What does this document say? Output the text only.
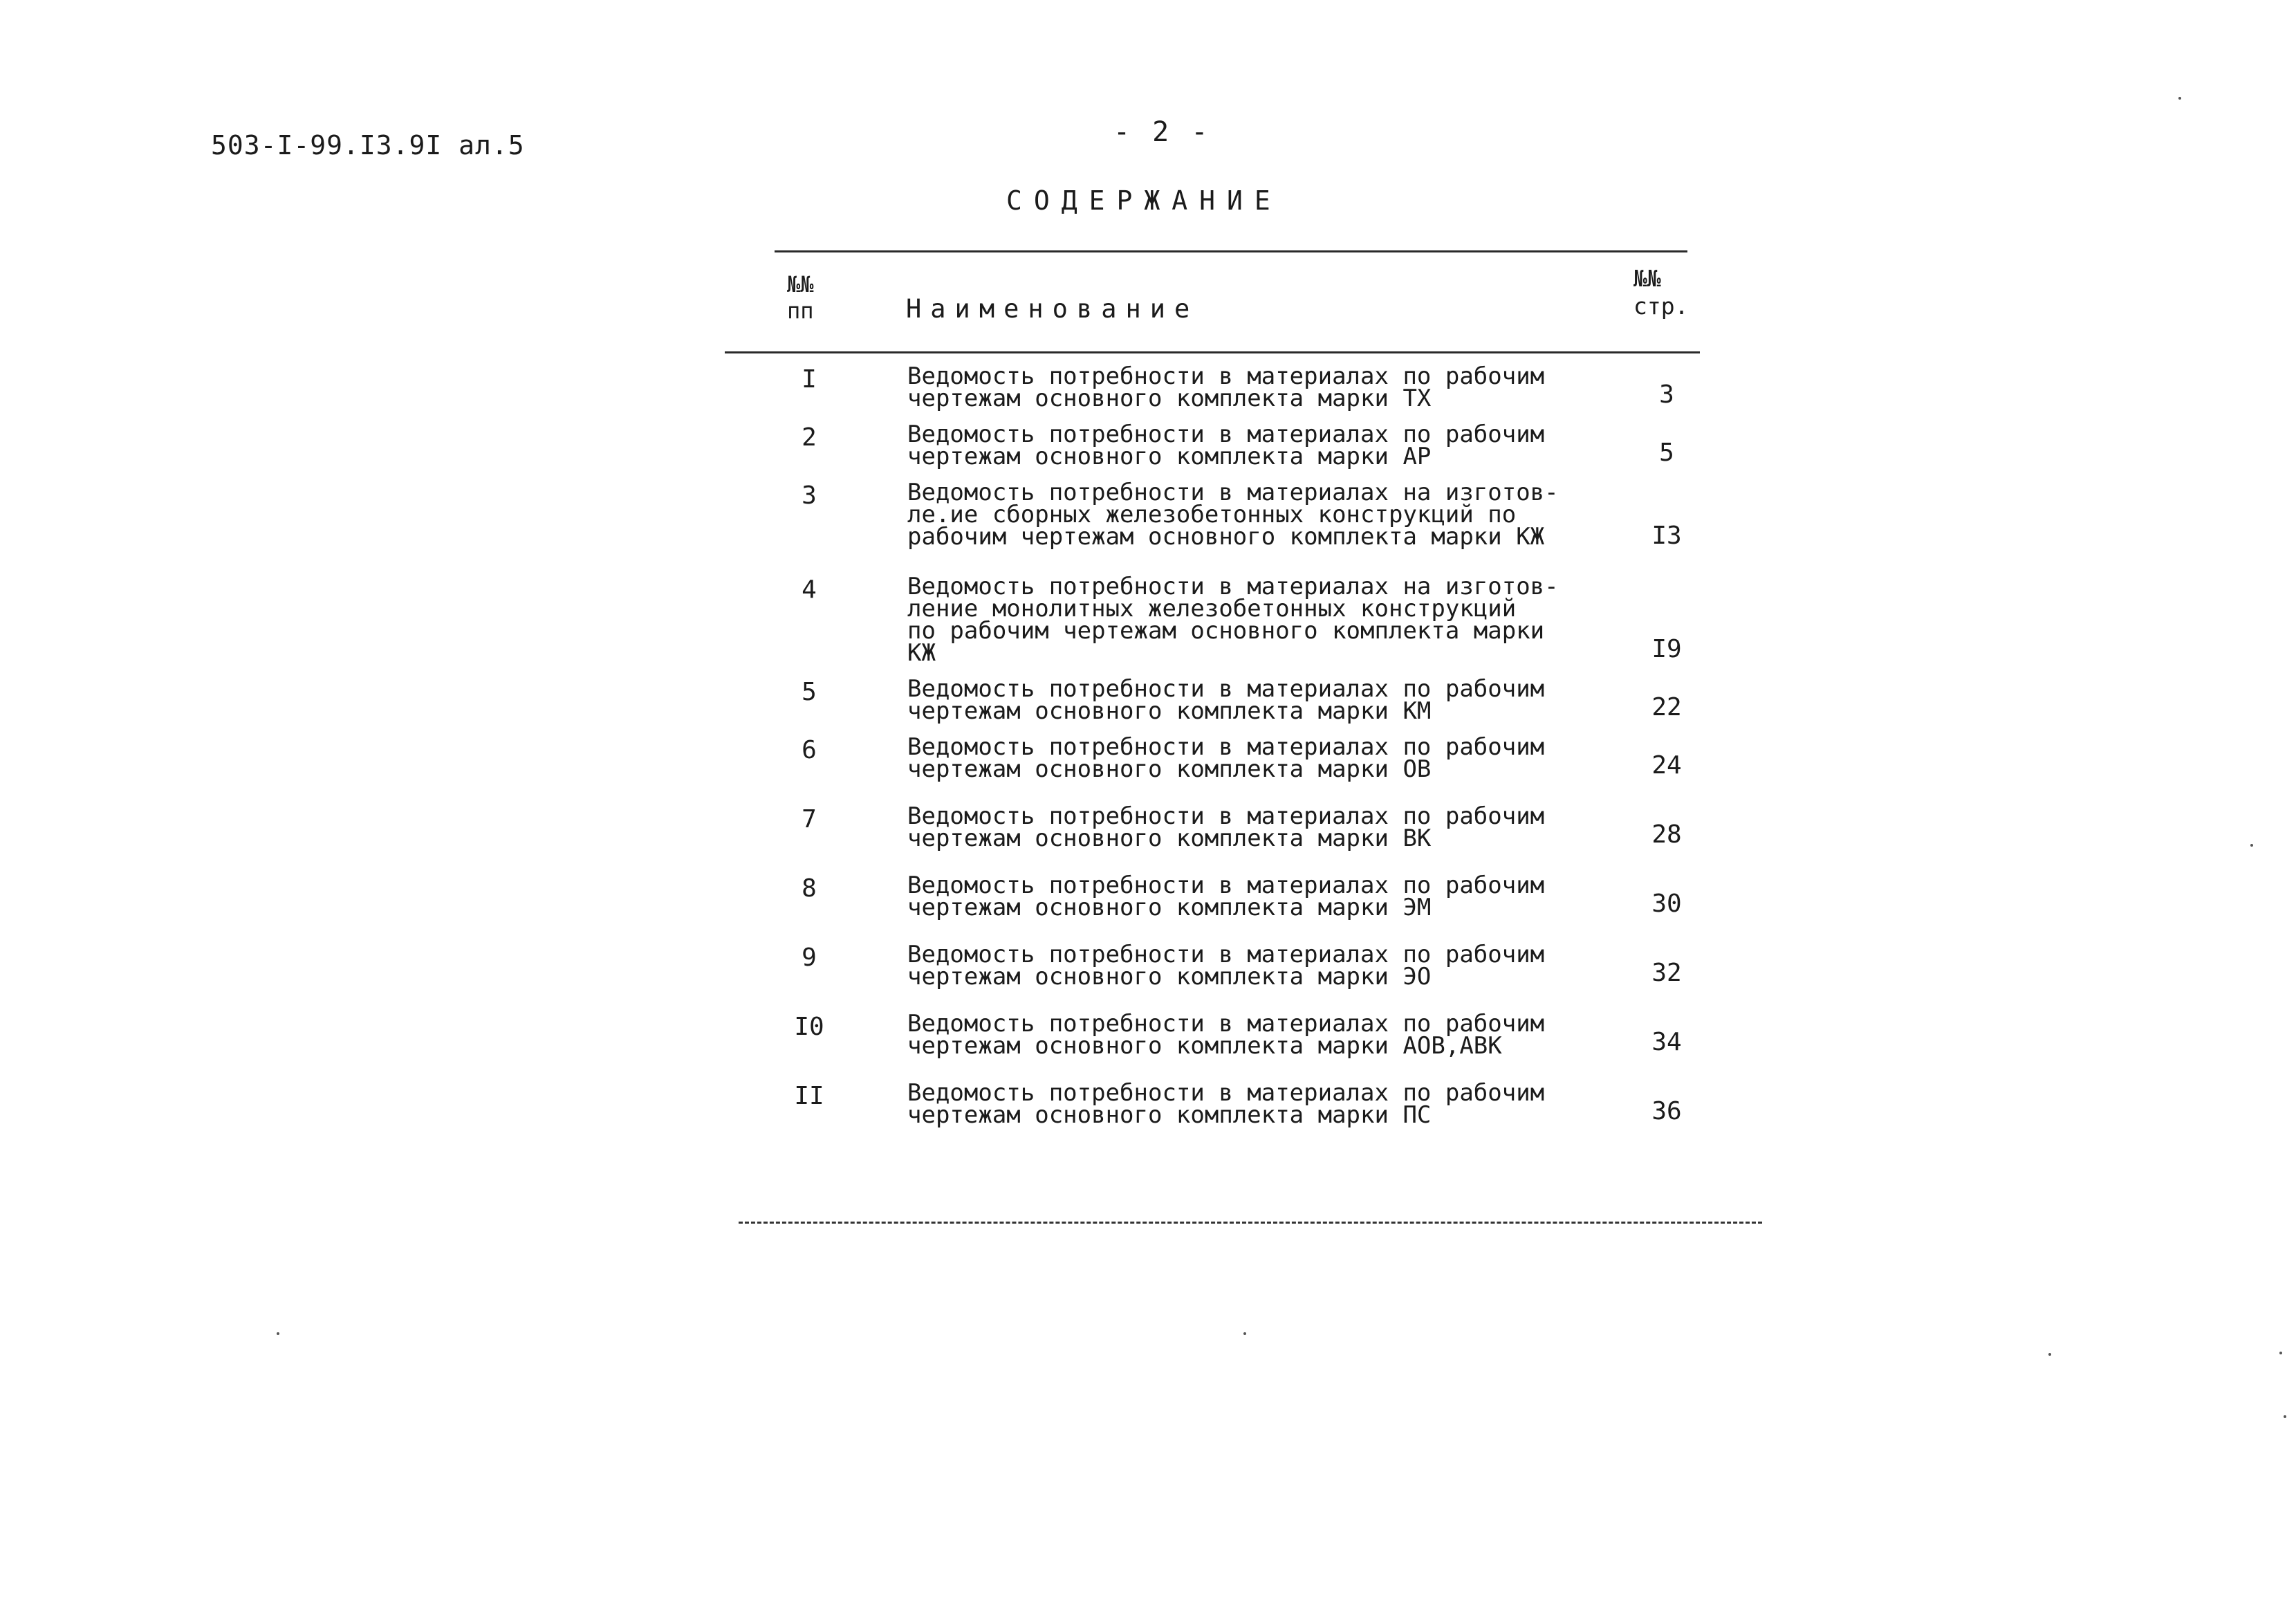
503-I-99.I3.9I ал.5	- 2 -
СОДЕРЖАНИЕ
№№ пп	Наименование
№№ стр.
I	Ведомость потребности в материалах по рабочим
чертежам основного комплекта марки ТХ	3
2	Ведомость потребности в материалах по рабочим
чертежам основного комплекта марки АР	5
3	Ведомость потребности в материалах на изготов-
ле.ие сборных железобетонных конструкций по
рабочим чертежам основного комплекта марки КЖ	I3
4	Ведомость потребности в материалах на изготов-
ление монолитных железобетонных конструкций
по рабочим чертежам основного комплекта марки
КЖ	I9
5	Ведомость потребности в материалах по рабочим
чертежам основного комплекта марки КМ	22
6	Ведомость потребности в материалах по рабочим
чертежам основного комплекта марки ОВ	24
7	Ведомость потребности в материалах по рабочим
чертежам основного комплекта марки ВК	28
8	Ведомость потребности в материалах по рабочим
чертежам основного комплекта марки ЭМ	30
9	Ведомость потребности в материалах по рабочим
чертежам основного комплекта марки ЭО	32
I0	Ведомость потребности в материалах по рабочим
чертежам основного комплекта марки АОВ,АВК	34
II	Ведомость потребности в материалах по рабочим
чертежам основного комплекта марки ПС	36
